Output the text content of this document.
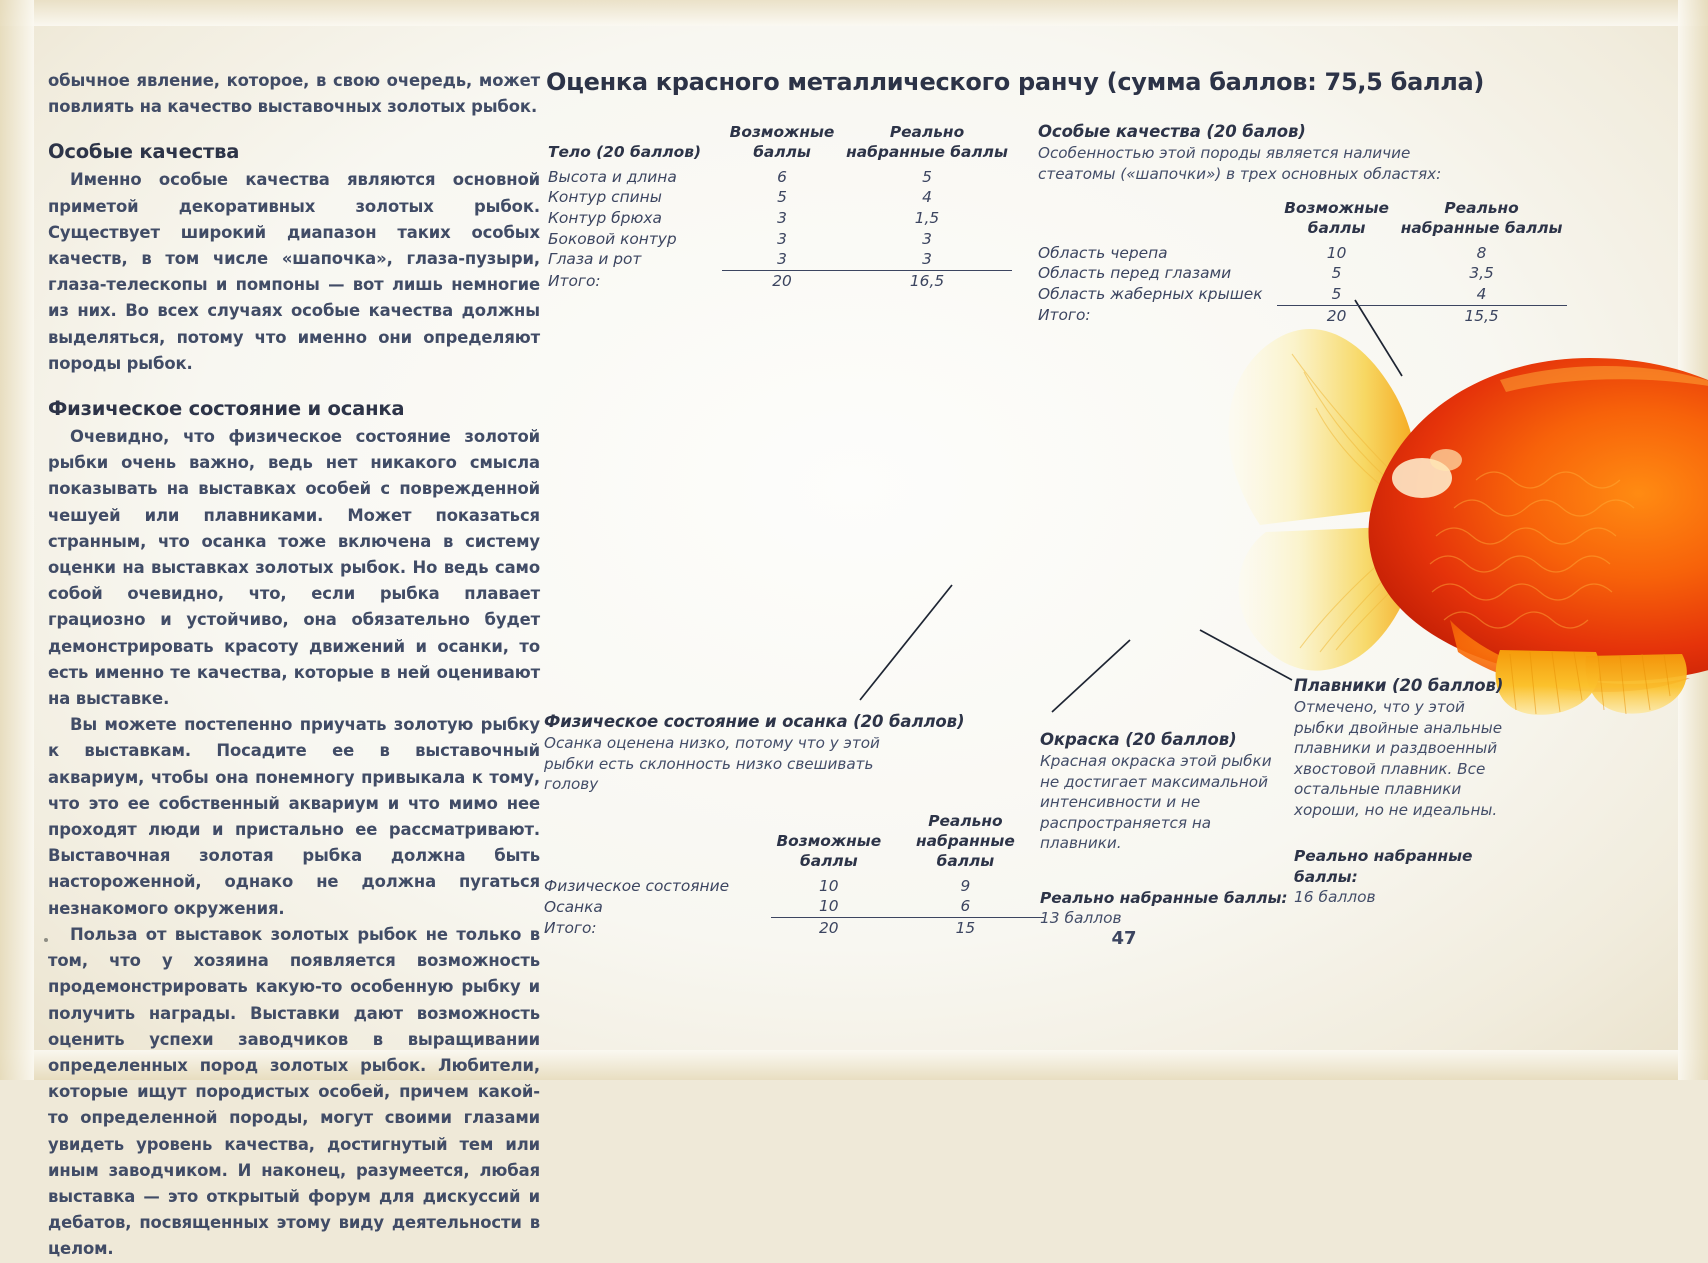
обычное явление, которое, в свою очередь, может повлиять на качество выставочных золотых рыбок.

Особые качества

Именно особые качества являются основной приметой декоративных золотых рыбок. Существует широкий диапазон таких особых качеств, в том числе «шапочка», глаза-пузыри, глаза-телескопы и помпоны — вот лишь немногие из них. Во всех случаях особые качества должны выделяться, потому что именно они определяют породы рыбок.

Физическое состояние и осанка

Очевидно, что физическое состояние золотой рыбки очень важно, ведь нет никакого смысла показывать на выставках особей с поврежденной чешуей или плавниками. Может показаться странным, что осанка тоже включена в систему оценки на выставках золотых рыбок. Но ведь само собой очевидно, что, если рыбка плавает грациозно и устойчиво, она обязательно будет демонстрировать красоту движений и осанки, то есть именно те качества, которые в ней оценивают на выставке.

Вы можете постепенно приучать золотую рыбку к выставкам. Посадите ее в выставочный аквариум, чтобы она понемногу привыкала к тому, что это ее собственный аквариум и что мимо нее проходят люди и пристально ее рассматривают. Выставочная золотая рыбка должна быть настороженной, однако не должна пугаться незнакомого окружения.

Польза от выставок золотых рыбок не только в том, что у хозяина появляется возможность продемонстрировать какую-то особенную рыбку и получить награды. Выставки дают возможность оценить успехи заводчиков в выращивании определенных пород золотых рыбок. Любители, которые ищут породистых особей, причем какой-то определенной породы, могут своими глазами увидеть уровень качества, достигнутый тем или иным заводчиком. И наконец, разумеется, любая выставка — это открытый форум для дискуссий и дебатов, посвященных этому виду деятельности в целом.

Оценка красного металлического ранчу (сумма баллов: 75,5 балла)
Тело (20 баллов)	Возможные
баллы	Реально
набранные баллы
Высота и длина	6	5
Контур спины	5	4
Контур брюха	3	1,5
Боковой контур	3	3
Глаза и рот	3	3
Итого:	20	16,5
Особые качества (20 балов)
Особенностью этой породы является наличие стеатомы («шапочки») в трех основных областях:
	Возможные
баллы	Реально
набранные баллы
Область черепа	10	8
Область перед глазами	5	3,5
Область жаберных крышек	5	4
Итого:	20	15,5
Физическое состояние и осанка (20 баллов)
Осанка оценена низко, потому что у этой рыбки есть склонность низко свешивать голову
	Возможные
баллы	Реально
набранные баллы
Физическое состояние	10	9
Осанка	10	6
Итого:	20	15
Окраска (20 баллов)
Красная окраска этой рыбки не достигает максимальной интенсивности и не распространяется на плавники.
Реально набранные баллы:
13 баллов
Плавники (20 баллов)
Отмечено, что у этой рыбки двойные анальные плавники и раздвоенный хвостовой плавник. Все остальные плавники хороши, но не идеальны.
Реально набранные баллы:
16 баллов
47
